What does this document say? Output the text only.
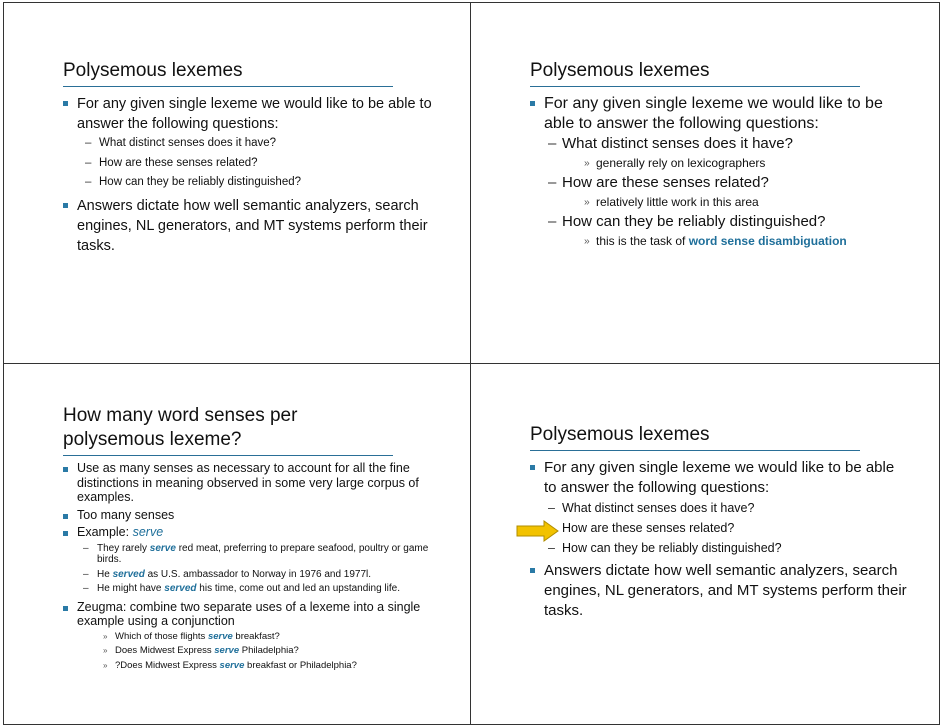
Polysemous lexemes
For any given single lexeme we would like to be able to answer the following questions:
– What distinct senses does it have?
– How are these senses related?
– How can they be reliably distinguished?
Answers dictate how well semantic analyzers, search engines, NL generators, and MT systems perform their tasks.
Polysemous lexemes
For any given single lexeme we would like to be able to answer the following questions:
– What distinct senses does it have?
» generally rely on lexicographers
– How are these senses related?
» relatively little work in this area
– How can they be reliably distinguished?
» this is the task of word sense disambiguation
How many word senses per
polysemous lexeme?
Use as many senses as necessary to account for all the fine distinctions in meaning observed in some very large corpus of examples.
Too many senses
Example: serve
– They rarely serve red meat, preferring to prepare seafood, poultry or game birds.
– He served as U.S. ambassador to Norway in 1976 and 1977l.
– He might have served his time, come out and led an upstanding life.
Zeugma: combine two separate uses of a lexeme into a single example using a conjunction
» Which of those flights serve breakfast?
» Does Midwest Express serve Philadelphia?
» ?Does Midwest Express serve breakfast or Philadelphia?
Polysemous lexemes
For any given single lexeme we would like to be able to answer the following questions:
– What distinct senses does it have?
How are these senses related?
– How can they be reliably distinguished?
Answers dictate how well semantic analyzers, search engines, NL generators, and MT systems perform their tasks.
